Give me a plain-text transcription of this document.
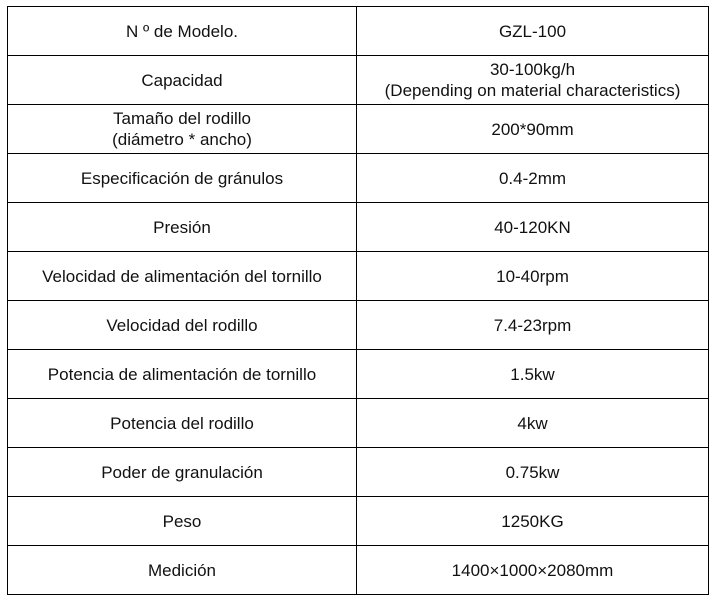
N º de Modelo.	GZL-100

Capacidad	30-100kg/h
(Depending on material characteristics)

Tamaño del rodillo
(diámetro * ancho)	200*90mm

Especificación de gránulos	0.4-2mm

Presión	40-120KN

Velocidad de alimentación del tornillo	10-40rpm

Velocidad del rodillo	7.4-23rpm

Potencia de alimentación de tornillo	1.5kw

Potencia del rodillo	4kw

Poder de granulación	0.75kw

Peso	1250KG

Medición	1400×1000×2080mm
